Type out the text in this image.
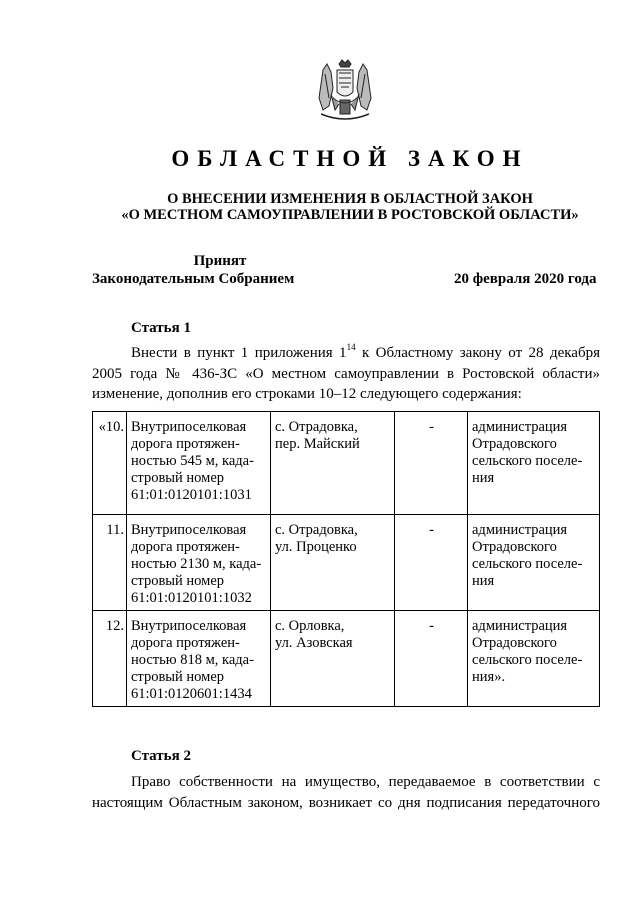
ОБЛАСТНОЙ ЗАКОН
О ВНЕСЕНИИ ИЗМЕНЕНИЯ В ОБЛАСТНОЙ ЗАКОН
«О МЕСТНОМ САМОУПРАВЛЕНИИ В РОСТОВСКОЙ ОБЛАСТИ»
Принят
Законодательным Собранием	20 февраля 2020 года
Статья 1
Внести в пункт 1 приложения $1^{14}$ к Областному закону от 28 декабря
2005 года № 436-ЗС «О местном самоуправлении в Ростовской области»
изменение, дополнив его строками 10–12 следующего содержания:
«10.	Внутрипоселковая
дорога протяжен-
ностью 545 м, када-
стровый номер
61:01:0120101:1031	с. Отрадовка,
пер. Майский	-	администрация
Отрадовского
сельского поселе-
ния

11.	Внутрипоселковая
дорога протяжен-
ностью 2130 м, када-
стровый номер
61:01:0120101:1032	с. Отрадовка,
ул. Проценко	-	администрация
Отрадовского
сельского поселе-
ния

12.	Внутрипоселковая
дорога протяжен-
ностью 818 м, када-
стровый номер
61:01:0120601:1434	с. Орловка,
ул. Азовская	-	администрация
Отрадовского
сельского поселе-
ния».
Статья 2
Право собственности на имущество, передаваемое в соответствии с
настоящим Областным законом, возникает со дня подписания передаточного
